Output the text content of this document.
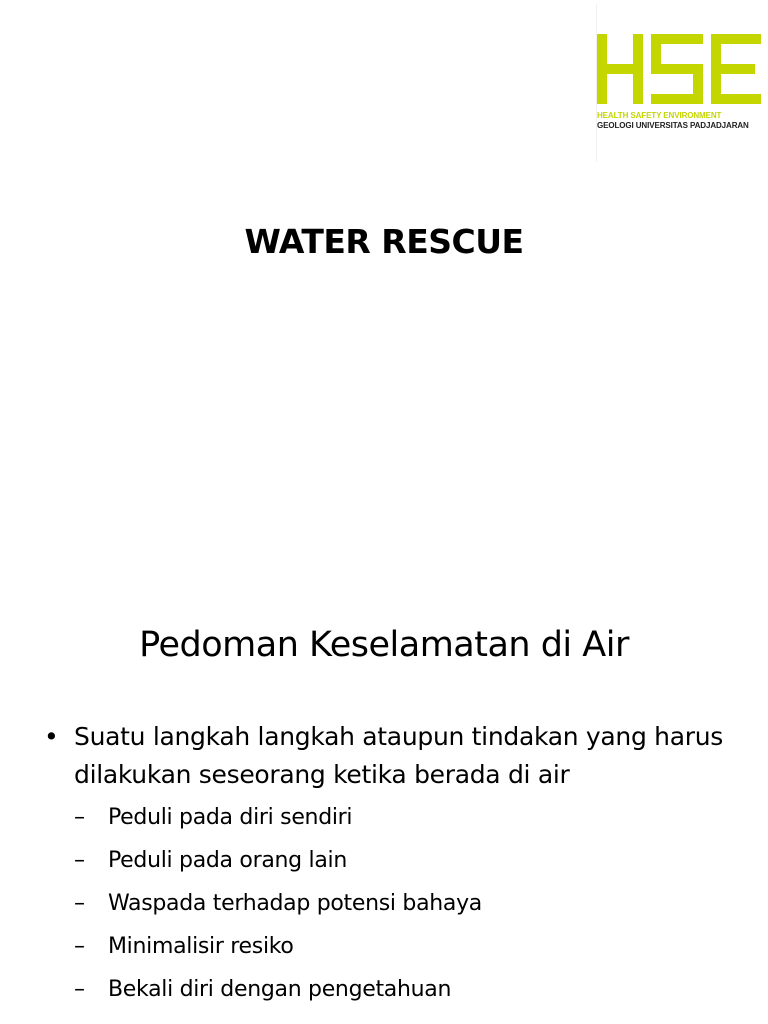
HEALTH SAFETY ENVIRONMENT
GEOLOGI UNIVERSITAS PADJADJARAN
WATER RESCUE
Pedoman Keselamatan di Air
• Suatu langkah langkah ataupun tindakan yang harus dilakukan seseorang ketika berada di air
– Peduli pada diri sendiri
– Peduli pada orang lain
– Waspada terhadap potensi bahaya
– Minimalisir resiko
– Bekali diri dengan pengetahuan
